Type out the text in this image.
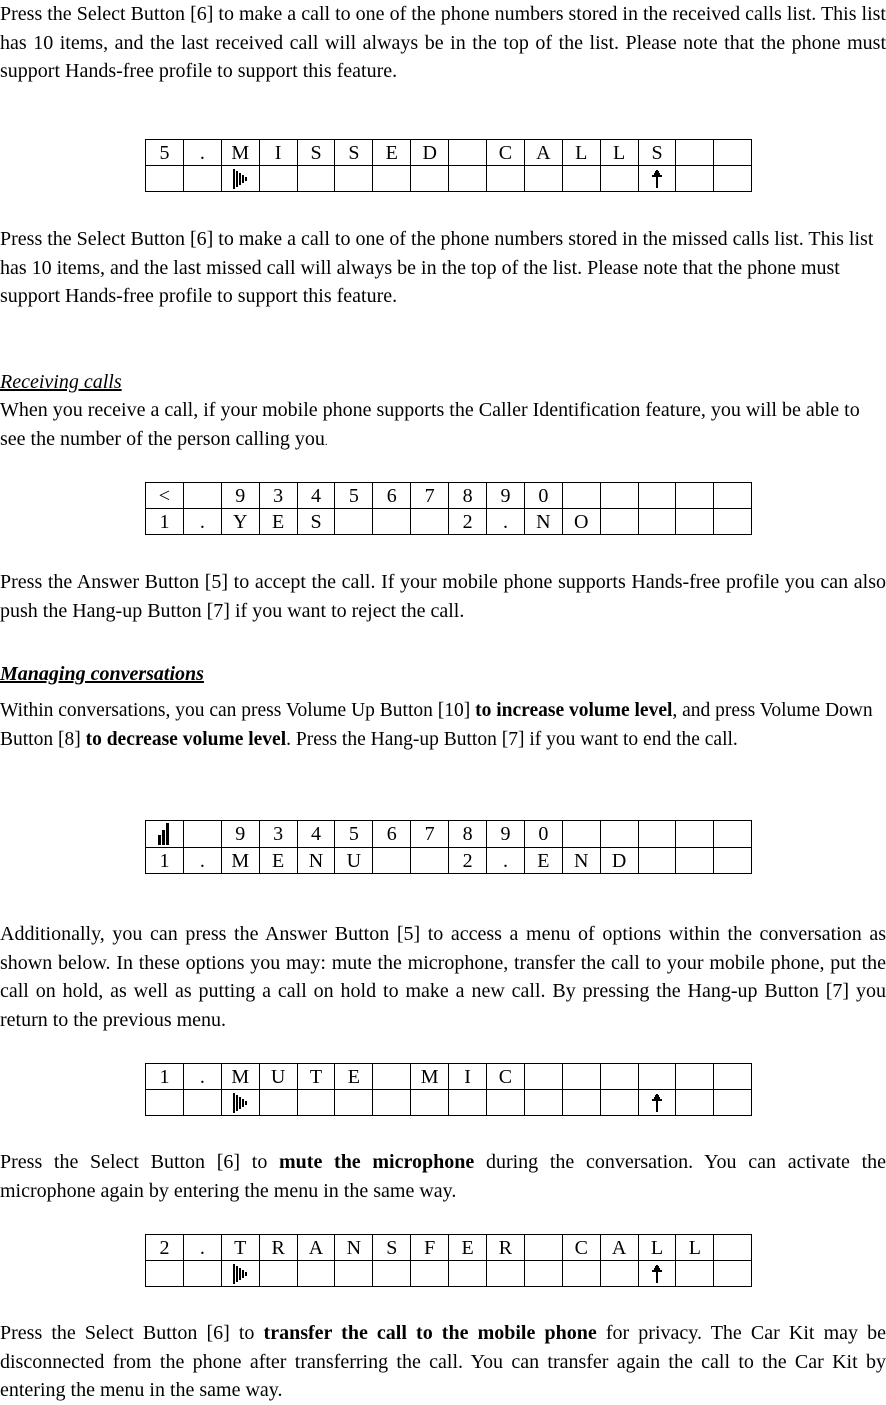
Press the Select Button [6] to make a call to one of the phone numbers stored in the received calls list. This list has 10 items, and the last received call will always be in the top of the list. Please note that the phone must support Hands-free profile to support this feature.

5	.	M	I	S	S	E	D		C	A	L	L	S		

Press the Select Button [6] to make a call to one of the phone numbers stored in the missed calls list. This list has 10 items, and the last missed call will always be in the top of the list. Please note that the phone must support Hands-free profile to support this feature.

Receiving calls

When you receive a call, if your mobile phone supports the Caller Identification feature, you will be able to see the number of the person calling you.

<		9	3	4	5	6	7	8	9	0					
1	.	Y	E	S				2	.	N	O				

Press the Answer Button [5] to accept the call. If your mobile phone supports Hands-free profile you can also push the Hang-up Button [7] if you want to reject the call.

Managing conversations

Within conversations, you can press Volume Up Button [10] to increase volume level, and press Volume Down Button [8] to decrease volume level. Press the Hang-up Button [7] if you want to end the call.

		9	3	4	5	6	7	8	9	0					
1	.	M	E	N	U			2	.	E	N	D			

Additionally, you can press the Answer Button [5] to access a menu of options within the conversation as shown below. In these options you may: mute the microphone, transfer the call to your mobile phone, put the call on hold, as well as putting a call on hold to make a new call. By pressing the Hang-up Button [7] you return to the previous menu.

1	.	M	U	T	E		M	I	C						

Press the Select Button [6] to mute the microphone during the conversation. You can activate the microphone again by entering the menu in the same way.

2	.	T	R	A	N	S	F	E	R		C	A	L	L	

Press the Select Button [6] to transfer the call to the mobile phone for privacy. The Car Kit may be disconnected from the phone after transferring the call. You can transfer again the call to the Car Kit by entering the menu in the same way.
